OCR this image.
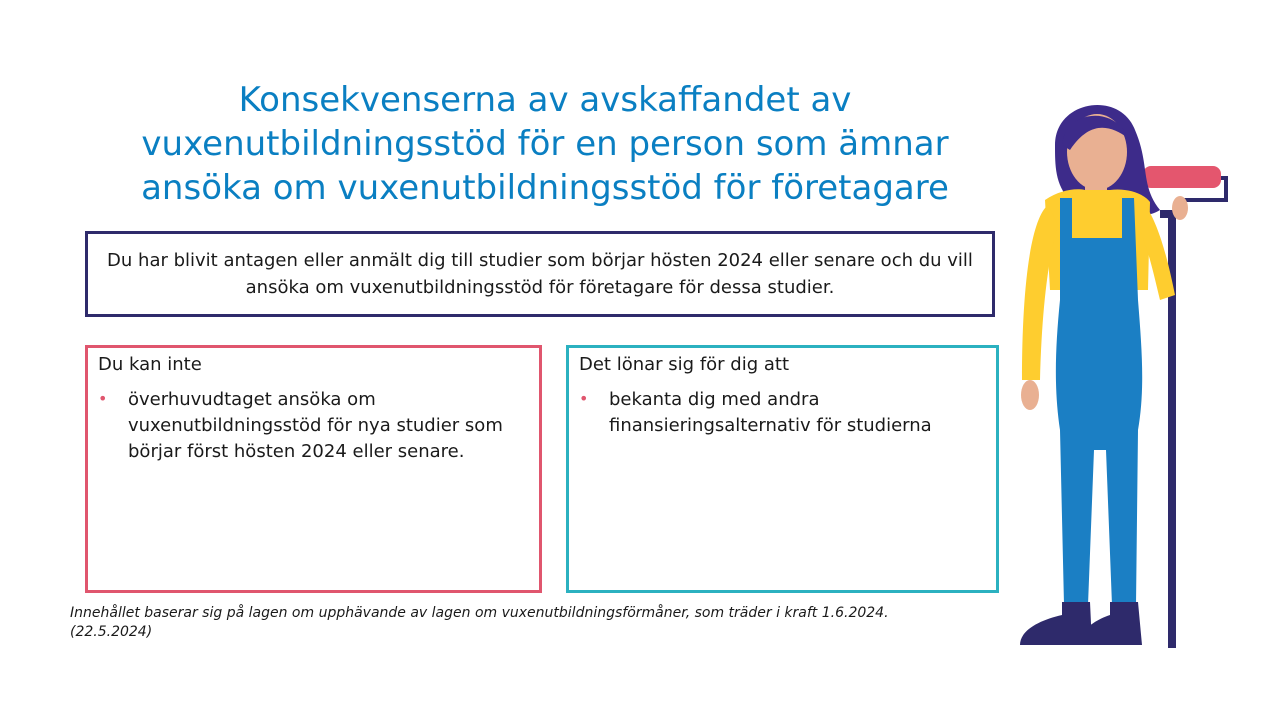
Konsekvenserna av avskaffandet av vuxenutbildningsstöd för en person som ämnar ansöka om vuxenutbildningsstöd för företagare
Du har blivit antagen eller anmält dig till studier som börjar hösten 2024 eller senare och du vill ansöka om vuxenutbildningsstöd för företagare för dessa studier.

Du kan inte

• överhuvudtaget ansöka om vuxenutbildningsstöd för nya studier som börjar först hösten 2024 eller senare.

Det lönar sig för dig att

• bekanta dig med andra finansieringsalternativ för studierna
Innehållet baserar sig på lagen om upphävande av lagen om vuxenutbildningsförmåner, som träder i kraft 1.6.2024.
(22.5.2024)
